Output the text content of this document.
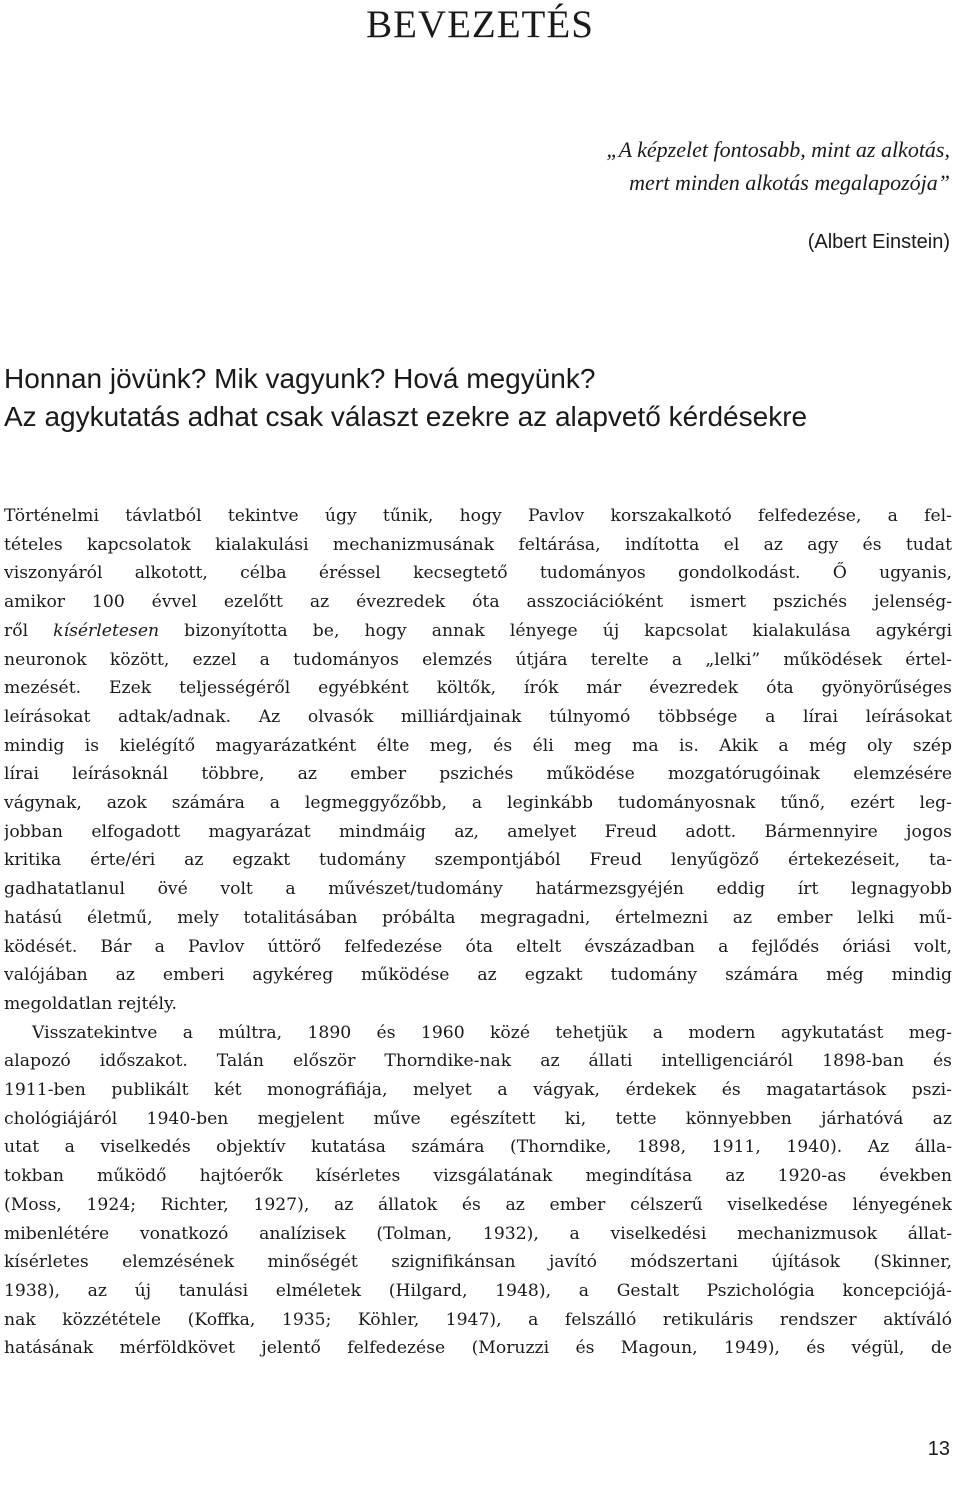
BEVEZETÉS
„A képzelet fontosabb, mint az alkotás,
mert minden alkotás megalapozója”
(Albert Einstein)
Honnan jövünk? Mik vagyunk? Hová megyünk?
Az agykutatás adhat csak választ ezekre az alapvető kérdésekre
Történelmi távlatból tekintve úgy tűnik, hogy Pavlov korszakalkotó felfedezése, a fel-
tételes kapcsolatok kialakulási mechanizmusának feltárása, indította el az agy és tudat
viszonyáról alkotott, célba éréssel kecsegtető tudományos gondolkodást. Ő ugyanis,
amikor 100 évvel ezelőtt az évezredek óta asszociációként ismert pszichés jelenség-
ről kísérletesen bizonyította be, hogy annak lényege új kapcsolat kialakulása agykérgi
neuronok között, ezzel a tudományos elemzés útjára terelte a „lelki” működések értel-
mezését. Ezek teljességéről egyébként költők, írók már évezredek óta gyönyörűséges
leírásokat adtak/adnak. Az olvasók milliárdjainak túlnyomó többsége a lírai leírásokat
mindig is kielégítő magyarázatként élte meg, és éli meg ma is. Akik a még oly szép
lírai leírásoknál többre, az ember pszichés működése mozgatórugóinak elemzésére
vágynak, azok számára a legmeggyőzőbb, a leginkább tudományosnak tűnő, ezért leg-
jobban elfogadott magyarázat mindmáig az, amelyet Freud adott. Bármennyire jogos
kritika érte/éri az egzakt tudomány szempontjából Freud lenyűgöző értekezéseit, ta-
gadhatatlanul övé volt a művészet/tudomány határmezsgyéjén eddig írt legnagyobb
hatású életmű, mely totalitásában próbálta megragadni, értelmezni az ember lelki mű-
ködését. Bár a Pavlov úttörő felfedezése óta eltelt évszázadban a fejlődés óriási volt,
valójában az emberi agykéreg működése az egzakt tudomány számára még mindig
megoldatlan rejtély.
Visszatekintve a múltra, 1890 és 1960 közé tehetjük a modern agykutatást meg-
alapozó időszakot. Talán először Thorndike-nak az állati intelligenciáról 1898-ban és
1911-ben publikált két monográfiája, melyet a vágyak, érdekek és magatartások pszi-
chológiájáról 1940-ben megjelent műve egészített ki, tette könnyebben járhatóvá az
utat a viselkedés objektív kutatása számára (Thorndike, 1898, 1911, 1940). Az álla-
tokban működő hajtóerők kísérletes vizsgálatának megindítása az 1920-as években
(Moss, 1924; Richter, 1927), az állatok és az ember célszerű viselkedése lényegének
mibenlétére vonatkozó analízisek (Tolman, 1932), a viselkedési mechanizmusok állat-
kísérletes elemzésének minőségét szignifikánsan javító módszertani újítások (Skinner,
1938), az új tanulási elméletek (Hilgard, 1948), a Gestalt Pszichológia koncepciójá-
nak közzététele (Koffka, 1935; Köhler, 1947), a felszálló retikuláris rendszer aktíváló
hatásának mérföldkövet jelentő felfedezése (Moruzzi és Magoun, 1949), és végül, de
13
